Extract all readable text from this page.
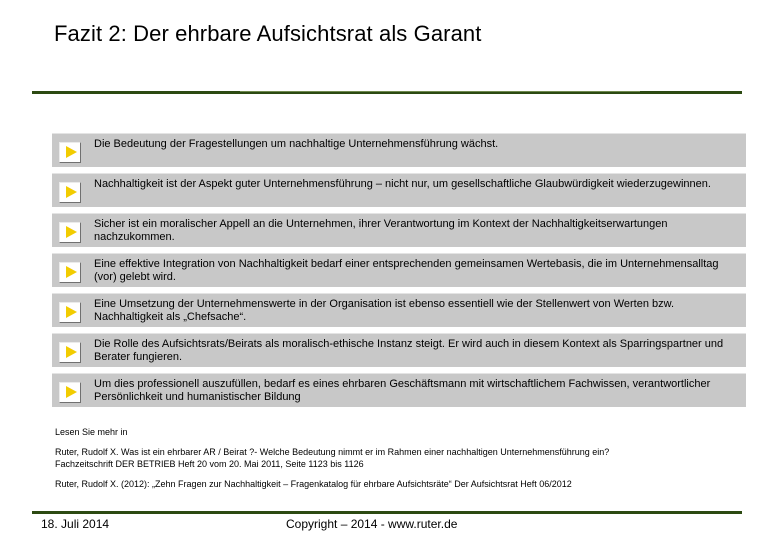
Fazit 2: Der ehrbare Aufsichtsrat als Garant
Die Bedeutung der Fragestellungen um nachhaltige Unternehmensführung wächst.
Nachhaltigkeit ist der Aspekt guter Unternehmensführung – nicht nur, um gesellschaftliche Glaubwürdigkeit wiederzugewinnen.
Sicher ist ein moralischer Appell an die Unternehmen, ihrer Verantwortung im Kontext der Nachhaltigkeitserwartungen nachzukommen.
Eine effektive Integration von Nachhaltigkeit bedarf einer entsprechenden gemeinsamen Wertebasis, die im Unternehmensalltag (vor) gelebt wird.
Eine Umsetzung der Unternehmenswerte in der Organisation ist ebenso essentiell wie der Stellenwert von Werten bzw. Nachhaltigkeit als „Chefsache“.
Die Rolle des Aufsichtsrats/Beirats als moralisch-ethische Instanz steigt. Er wird auch in diesem Kontext als Sparringspartner und Berater fungieren.
Um dies professionell auszufüllen, bedarf es eines ehrbaren Geschäftsmann mit wirtschaftlichem Fachwissen, verantwortlicher Persönlichkeit und humanistischer Bildung

Lesen Sie mehr in

Ruter, Rudolf X. Was ist ein ehrbarer AR / Beirat ?- Welche Bedeutung nimmt er im Rahmen einer nachhaltigen Unternehmensführung ein?

Fachzeitschrift DER BETRIEB Heft 20 vom 20. Mai 2011, Seite 1123 bis 1126

Ruter, Rudolf X. (2012): „Zehn Fragen zur Nachhaltigkeit – Fragenkatalog für ehrbare Aufsichtsräte“ Der Aufsichtsrat Heft 06/2012

18. Juli 2014	Copyright – 2014 - www.ruter.de
